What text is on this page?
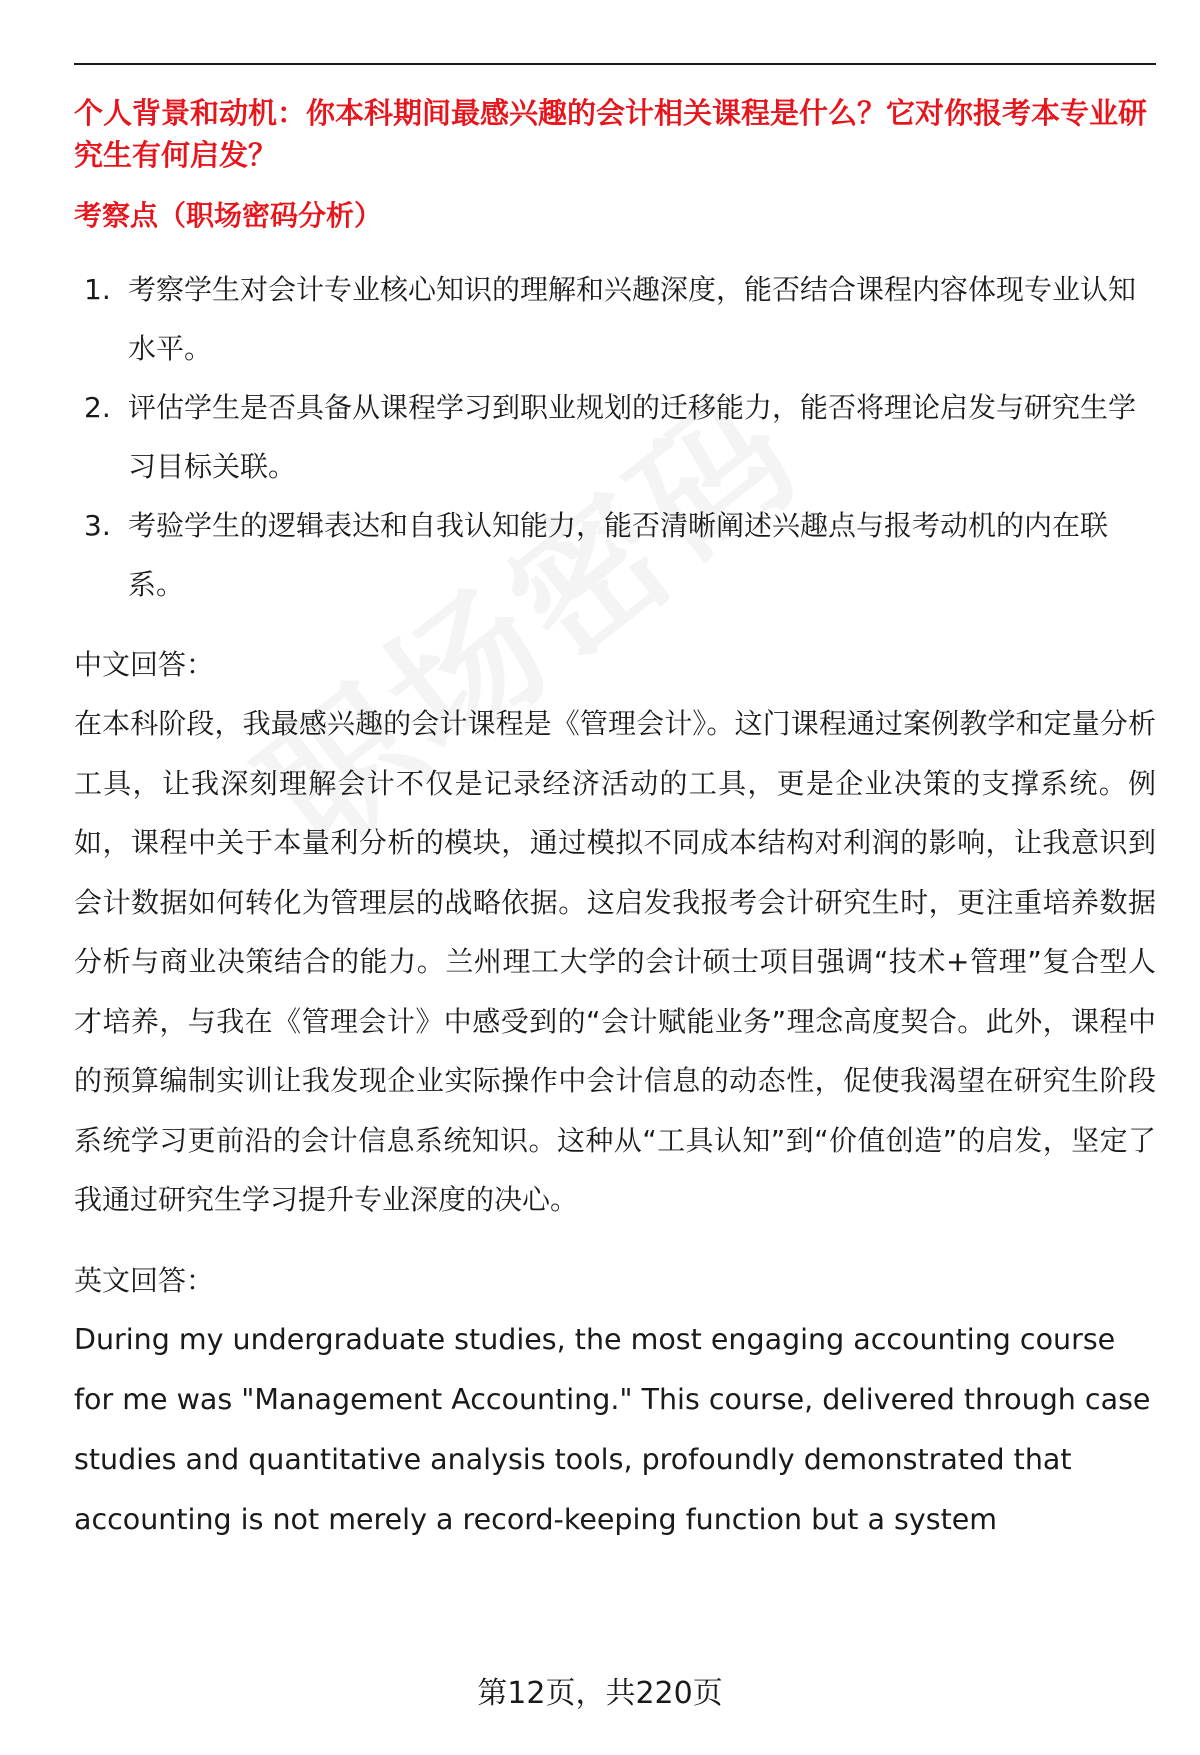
个人背景和动机：你本科期间最感兴趣的会计相关课程是什么？它对你报考本专业研究生有何启发？

考察点（职场密码分析）

1. 考察学生对会计专业核心知识的理解和兴趣深度，能否结合课程内容体现专业认知水平。
2. 评估学生是否具备从课程学习到职业规划的迁移能力，能否将理论启发与研究生学习目标关联。
3. 考验学生的逻辑表达和自我认知能力，能否清晰阐述兴趣点与报考动机的内在联系。

中文回答：

在本科阶段，我最感兴趣的会计课程是《管理会计》。这门课程通过案例教学和定量分析工具，让我深刻理解会计不仅是记录经济活动的工具，更是企业决策的支撑系统。例如，课程中关于本量利分析的模块，通过模拟不同成本结构对利润的影响，让我意识到会计数据如何转化为管理层的战略依据。这启发我报考会计研究生时，更注重培养数据分析与商业决策结合的能力。兰州理工大学的会计硕士项目强调“技术+管理”复合型人才培养，与我在《管理会计》中感受到的“会计赋能业务”理念高度契合。此外，课程中的预算编制实训让我发现企业实际操作中会计信息的动态性，促使我渴望在研究生阶段系统学习更前沿的会计信息系统知识。这种从“工具认知”到“价值创造”的启发，坚定了我通过研究生学习提升专业深度的决心。

英文回答：

During my undergraduate studies, the most engaging accounting course for me was "Management Accounting." This course, delivered through case studies and quantitative analysis tools, profoundly demonstrated that accounting is not merely a record-keeping function but a system

第12页，共220页
